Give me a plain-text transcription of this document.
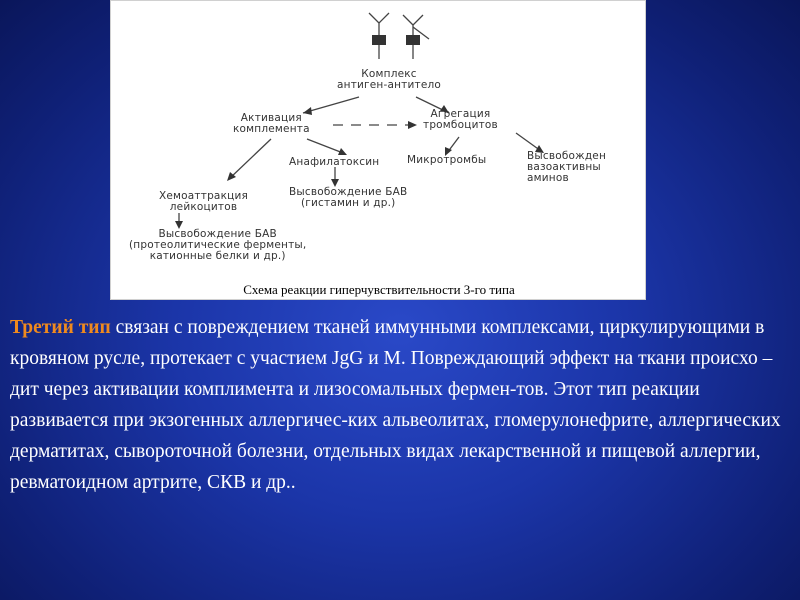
Комплекс
антиген-антитело
Активация
комплемента
Агрегация
тромбоцитов
Анафилатоксин	Микротромбы	Высвобожден
вазоактивны
аминов
Хемоаттракция
лейкоцитов
Высвобождение БАВ
(гистамин и др.)
Высвобождение БАВ
(протеолитические ферменты,
катионные белки и др.)
Схема реакции гиперчувствительности 3-го типа
Третий тип связан с повреждением тканей иммунными комплексами, циркулирующими в кровяном русле, протекает с участием JgG и M. Повреждающий эффект на ткани происхо – дит через активации комплимента и лизосомальных фермен-тов. Этот тип реакции развивается при экзогенных аллергичес-ких альвеолитах, гломерулонефрите, аллергических дерматитах, сывороточной болезни, отдельных видах лекарственной и пищевой аллергии, ревматоидном артрите, СКВ и др..
